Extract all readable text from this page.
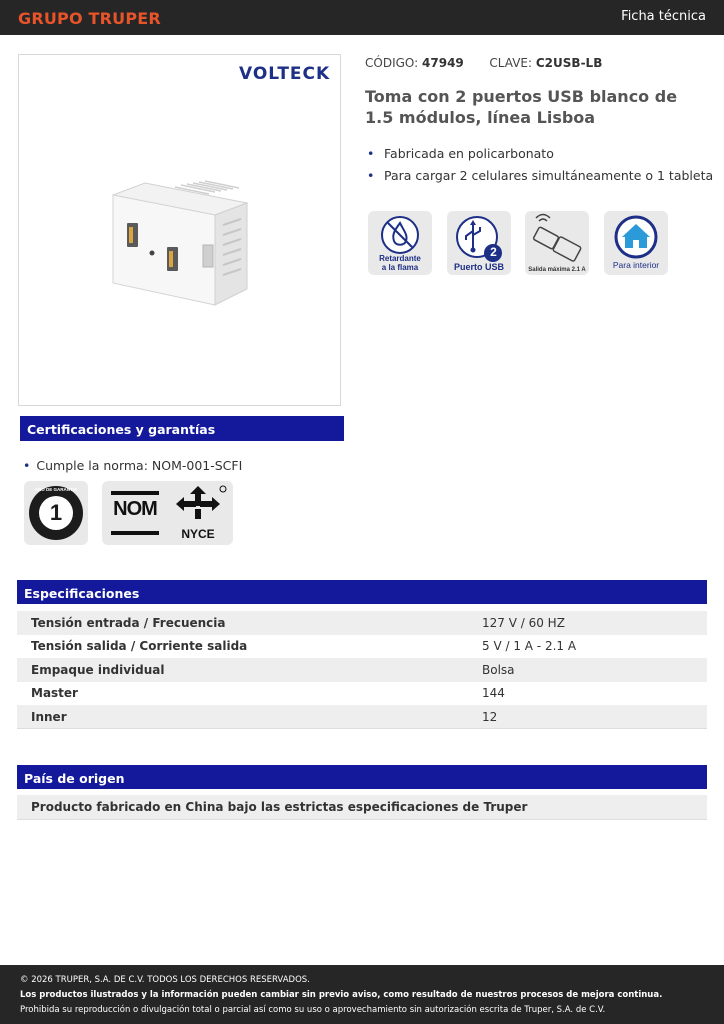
GRUPO TRUPER	Ficha técnica
VOLTECK
CÓDIGO: 47949 CLAVE: C2USB-LB
Toma con 2 puertos USB blanco de 1.5 módulos, línea Lisboa
• Fabricada en policarbonato
• Para cargar 2 celulares simultáneamente o 1 tableta
Retardante
a la flama
2
Puerto USB	Salida máxima 2.1 A	Para interior
Certificaciones y garantías
• Cumple la norma: NOM-001-SCFI
1
AÑO DE GARANTÍA
NOM
NYCE
Especificaciones
Tensión entrada / Frecuencia	127 V / 60 HZ
Tensión salida / Corriente salida	5 V / 1 A - 2.1 A
Empaque individual	Bolsa
Master	144
Inner	12
País de origen
Producto fabricado en China bajo las estrictas especificaciones de Truper
© 2026 TRUPER, S.A. DE C.V. TODOS LOS DERECHOS RESERVADOS.
Los productos ilustrados y la información pueden cambiar sin previo aviso, como resultado de nuestros procesos de mejora continua.
Prohibida su reproducción o divulgación total o parcial así como su uso o aprovechamiento sin autorización escrita de Truper, S.A. de C.V.
